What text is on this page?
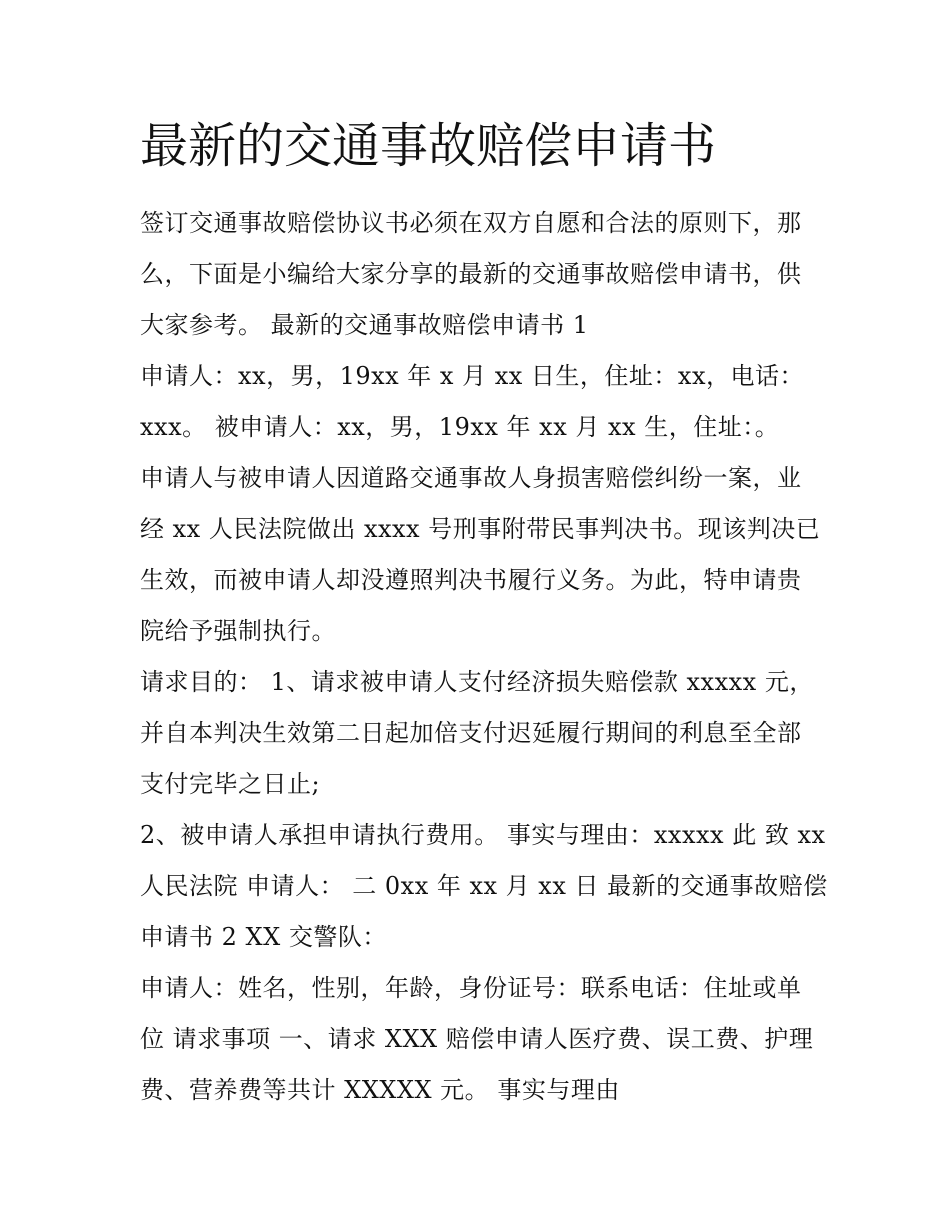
最新的交通事故赔偿申请书

签订交通事故赔偿协议书必须在双方自愿和合法的原则下，那

么，下面是小编给大家分享的最新的交通事故赔偿申请书，供

大家参考。 最新的交通事故赔偿申请书 1

申请人：xx，男，19xx 年 x 月 xx 日生，住址：xx，电话：

xxx。 被申请人：xx，男，19xx 年 xx 月 xx 生，住址：。

申请人与被申请人因道路交通事故人身损害赔偿纠纷一案，业

经 xx 人民法院做出 xxxx 号刑事附带民事判决书。现该判决已

生效，而被申请人却没遵照判决书履行义务。为此，特申请贵

院给予强制执行。

请求目的： 1、请求被申请人支付经济损失赔偿款 xxxxx 元，

并自本判决生效第二日起加倍支付迟延履行期间的利息至全部

支付完毕之日止;

2、被申请人承担申请执行费用。 事实与理由：xxxxx 此 致 xx

人民法院 申请人： 二 0xx 年 xx 月 xx 日 最新的交通事故赔偿

申请书 2 XX 交警队：

申请人：姓名，性别，年龄，身份证号：联系电话：住址或单

位 请求事项 一、请求 XXX 赔偿申请人医疗费、误工费、护理

费、营养费等共计 XXXXX 元。 事实与理由
